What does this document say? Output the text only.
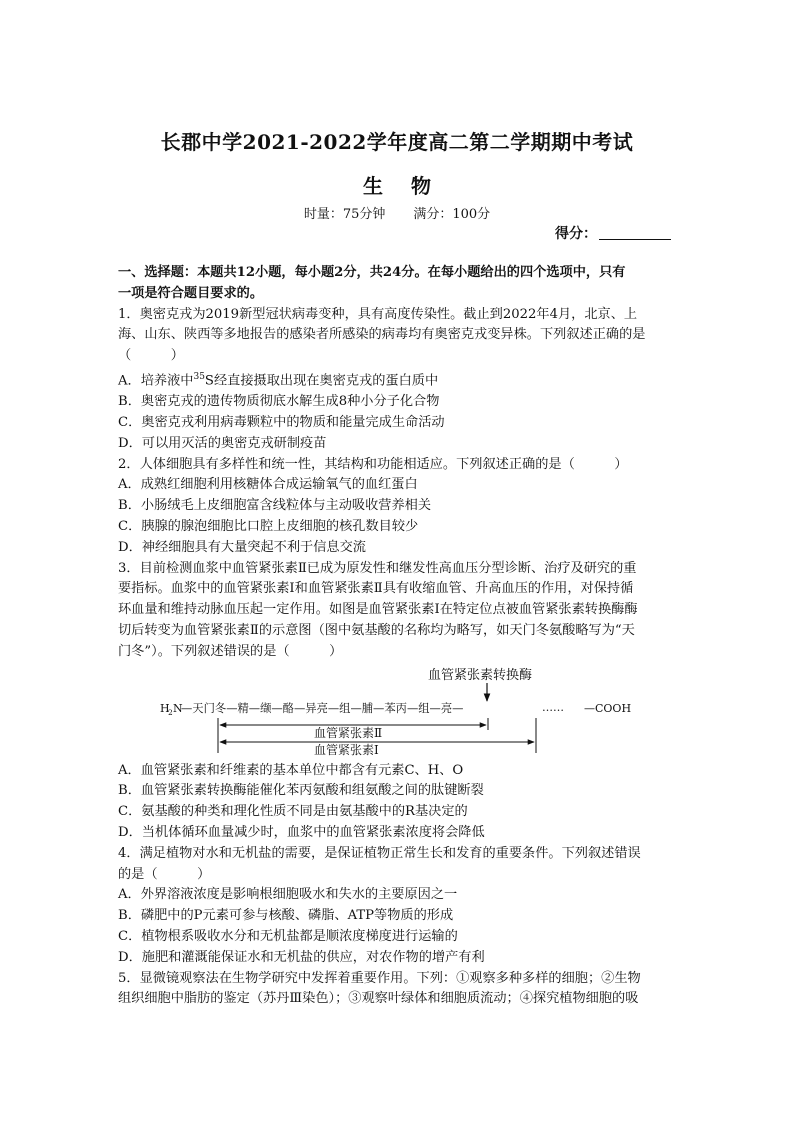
长郡中学2021-2022学年度高二第二学期期中考试
生物
时量：75分钟 满分：100分
得分：
一、选择题：本题共12小题，每小题2分，共24分。在每小题给出的四个选项中，只有
一项是符合题目要求的。
1．奥密克戎为2019新型冠状病毒变种，具有高度传染性。截止到2022年4月，北京、上
海、山东、陕西等多地报告的感染者所感染的病毒均有奥密克戎变异株。下列叙述正确的是
（　　　）
A．培养液中$^{35}$S经直接摄取出现在奥密克戎的蛋白质中
B．奥密克戎的遗传物质彻底水解生成8种小分子化合物
C．奥密克戎利用病毒颗粒中的物质和能量完成生命活动
D．可以用灭活的奥密克戎研制疫苗
2．人体细胞具有多样性和统一性，其结构和功能相适应。下列叙述正确的是（　　　）
A．成熟红细胞利用核糖体合成运输氧气的血红蛋白
B．小肠绒毛上皮细胞富含线粒体与主动吸收营养相关
C．胰腺的腺泡细胞比口腔上皮细胞的核孔数目较少
D．神经细胞具有大量突起不利于信息交流
3．目前检测血浆中血管紧张素Ⅱ已成为原发性和继发性高血压分型诊断、治疗及研究的重
要指标。血浆中的血管紧张素Ⅰ和血管紧张素Ⅱ具有收缩血管、升高血压的作用，对保持循
环血量和维持动脉血压起一定作用。如图是血管紧张素Ⅰ在特定位点被血管紧张素转换酶酶
切后转变为血管紧张素Ⅱ的示意图（图中氨基酸的名称均为略写，如天门冬氨酸略写为“天
门冬”）。下列叙述错误的是（　　　）
血管紧张素转换酶
H
2 N
—天门冬—精—缬—酪—异亮—组—脯—苯丙—组—亮—	…… —COOH
血管紧张素Ⅱ
血管紧张素Ⅰ
A．血管紧张素和纤维素的基本单位中都含有元素C、H、O
B．血管紧张素转换酶能催化苯丙氨酸和组氨酸之间的肽键断裂
C．氨基酸的种类和理化性质不同是由氨基酸中的R基决定的
D．当机体循环血量减少时，血浆中的血管紧张素浓度将会降低
4．满足植物对水和无机盐的需要，是保证植物正常生长和发育的重要条件。下列叙述错误
的是（　　　）
A．外界溶液浓度是影响根细胞吸水和失水的主要原因之一
B．磷肥中的P元素可参与核酸、磷脂、ATP等物质的形成
C．植物根系吸收水分和无机盐都是顺浓度梯度进行运输的
D．施肥和灌溉能保证水和无机盐的供应，对农作物的增产有利
5．显微镜观察法在生物学研究中发挥着重要作用。下列：①观察多种多样的细胞；②生物
组织细胞中脂肪的鉴定（苏丹Ⅲ染色）；③观察叶绿体和细胞质流动；④探究植物细胞的吸
